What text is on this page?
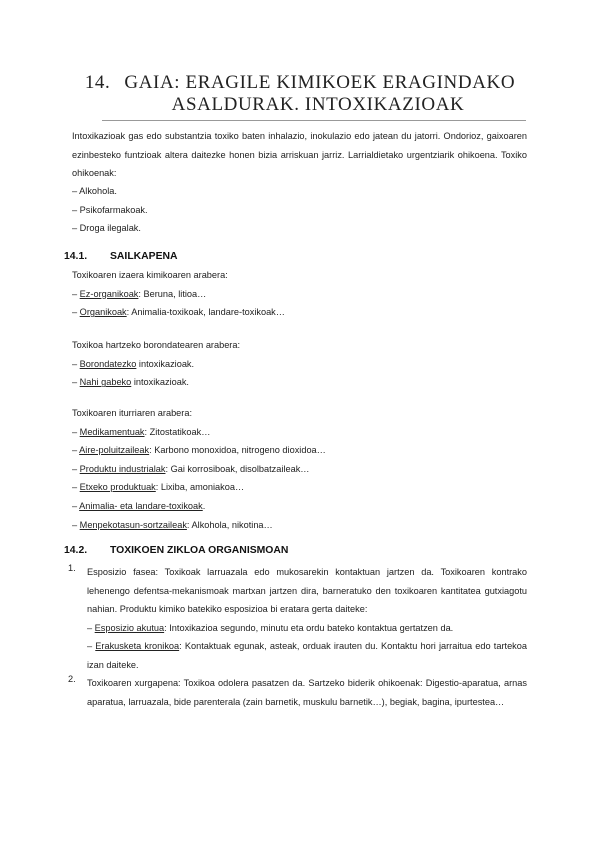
14. GAIA: ERAGILE KIMIKOEK ERAGINDAKO
ASALDURAK. INTOXIKAZIOAK
Intoxikazioak gas edo substantzia toxiko baten inhalazio, inokulazio edo jatean du jatorri. Ondorioz, gaixoaren ezinbesteko funtzioak altera daitezke honen bizia arriskuan jarriz. Larrialdietako urgentziarik ohikoena. Toxiko ohikoenak:
– Alkohola.
– Psikofarmakoak.
– Droga ilegalak.
14.1. SAILKAPENA
Toxikoaren izaera kimikoaren arabera:
– Ez-organikoak: Beruna, litioa…
– Organikoak: Animalia-toxikoak, landare-toxikoak…
Toxikoa hartzeko borondatearen arabera:
– Borondatezko intoxikazioak.
– Nahi gabeko intoxikazioak.
Toxikoaren iturriaren arabera:
– Medikamentuak: Zitostatikoak…
– Aire-poluitzaileak: Karbono monoxidoa, nitrogeno dioxidoa…
– Produktu industrialak: Gai korrosiboak, disolbatzaileak…
– Etxeko produktuak: Lixiba, amoniakoa…
– Animalia- eta landare-toxikoak.
– Menpekotasun-sortzaileak: Alkohola, nikotina…
14.2. TOXIKOEN ZIKLOA ORGANISMOAN
1. Esposizio fasea: Toxikoak larruazala edo mukosarekin kontaktuan jartzen da. Toxikoaren kontrako lehenengo defentsa-mekanismoak martxan jartzen dira, barneratuko den toxikoaren kantitatea gutxiagotu nahian. Produktu kimiko batekiko esposizioa bi eratara gerta daiteke:
– Esposizio akutua: Intoxikazioa segundo, minutu eta ordu bateko kontaktua gertatzen da.
– Erakusketa kronikoa: Kontaktuak egunak, asteak, orduak irauten du. Kontaktu hori jarraitua edo tartekoa izan daiteke.
2. Toxikoaren xurgapena: Toxikoa odolera pasatzen da. Sartzeko biderik ohikoenak: Digestio-aparatua, arnas aparatua, larruazala, bide parenterala (zain barnetik, muskulu barnetik…), begiak, bagina, ipurtestea…
